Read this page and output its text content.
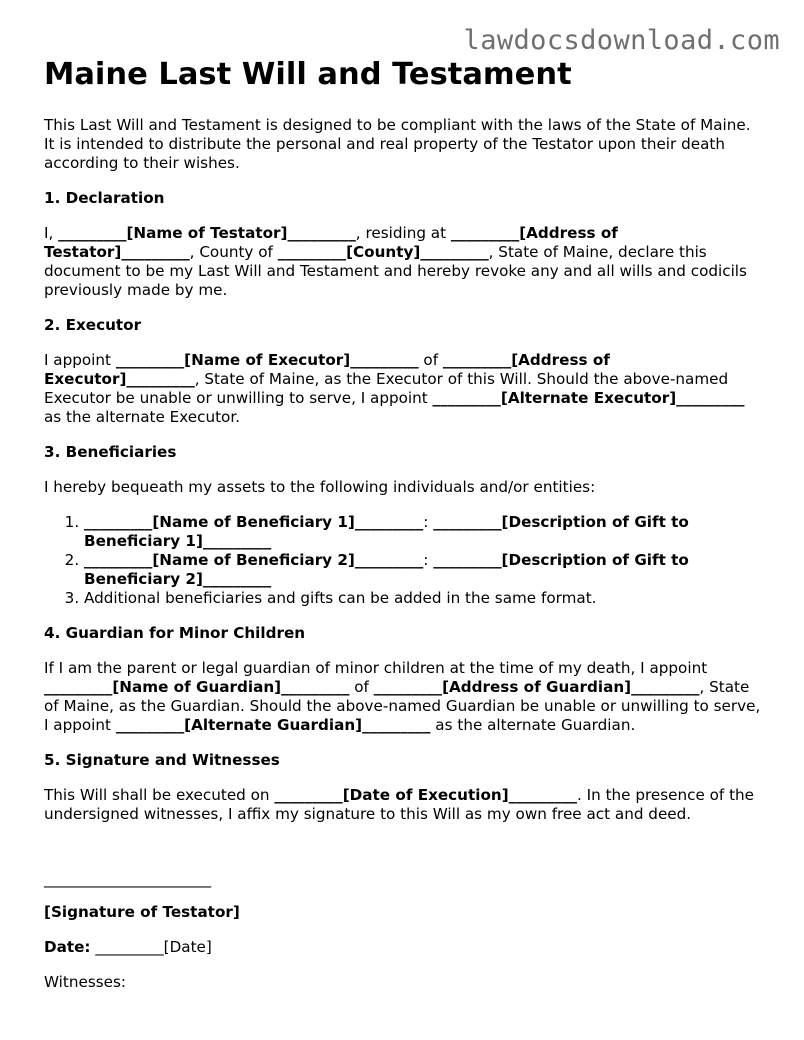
lawdocsdownload.com
Maine Last Will and Testament

This Last Will and Testament is designed to be compliant with the laws of the State of Maine. It is intended to distribute the personal and real property of the Testator upon their death according to their wishes.

1. Declaration

I, _________[Name of Testator]_________, residing at _________[Address of Testator]_________, County of _________[County]_________, State of Maine, declare this document to be my Last Will and Testament and hereby revoke any and all wills and codicils previously made by me.

2. Executor

I appoint _________[Name of Executor]_________ of _________[Address of Executor]_________, State of Maine, as the Executor of this Will. Should the above-named Executor be unable or unwilling to serve, I appoint _________[Alternate Executor]_________ as the alternate Executor.

3. Beneficiaries

I hereby bequeath my assets to the following individuals and/or entities:

1. _________[Name of Beneficiary 1]_________: _________[Description of Gift to Beneficiary 1]_________
2. _________[Name of Beneficiary 2]_________: _________[Description of Gift to Beneficiary 2]_________
3. Additional beneficiaries and gifts can be added in the same format.
4. Guardian for Minor Children

If I am the parent or legal guardian of minor children at the time of my death, I appoint _________[Name of Guardian]_________ of _________[Address of Guardian]_________, State of Maine, as the Guardian. Should the above-named Guardian be unable or unwilling to serve, I appoint _________[Alternate Guardian]_________ as the alternate Guardian.

5. Signature and Witnesses

This Will shall be executed on _________[Date of Execution]_________. In the presence of the undersigned witnesses, I affix my signature to this Will as my own free act and deed.

______________________

[Signature of Testator]

Date: _________[Date]

Witnesses:
